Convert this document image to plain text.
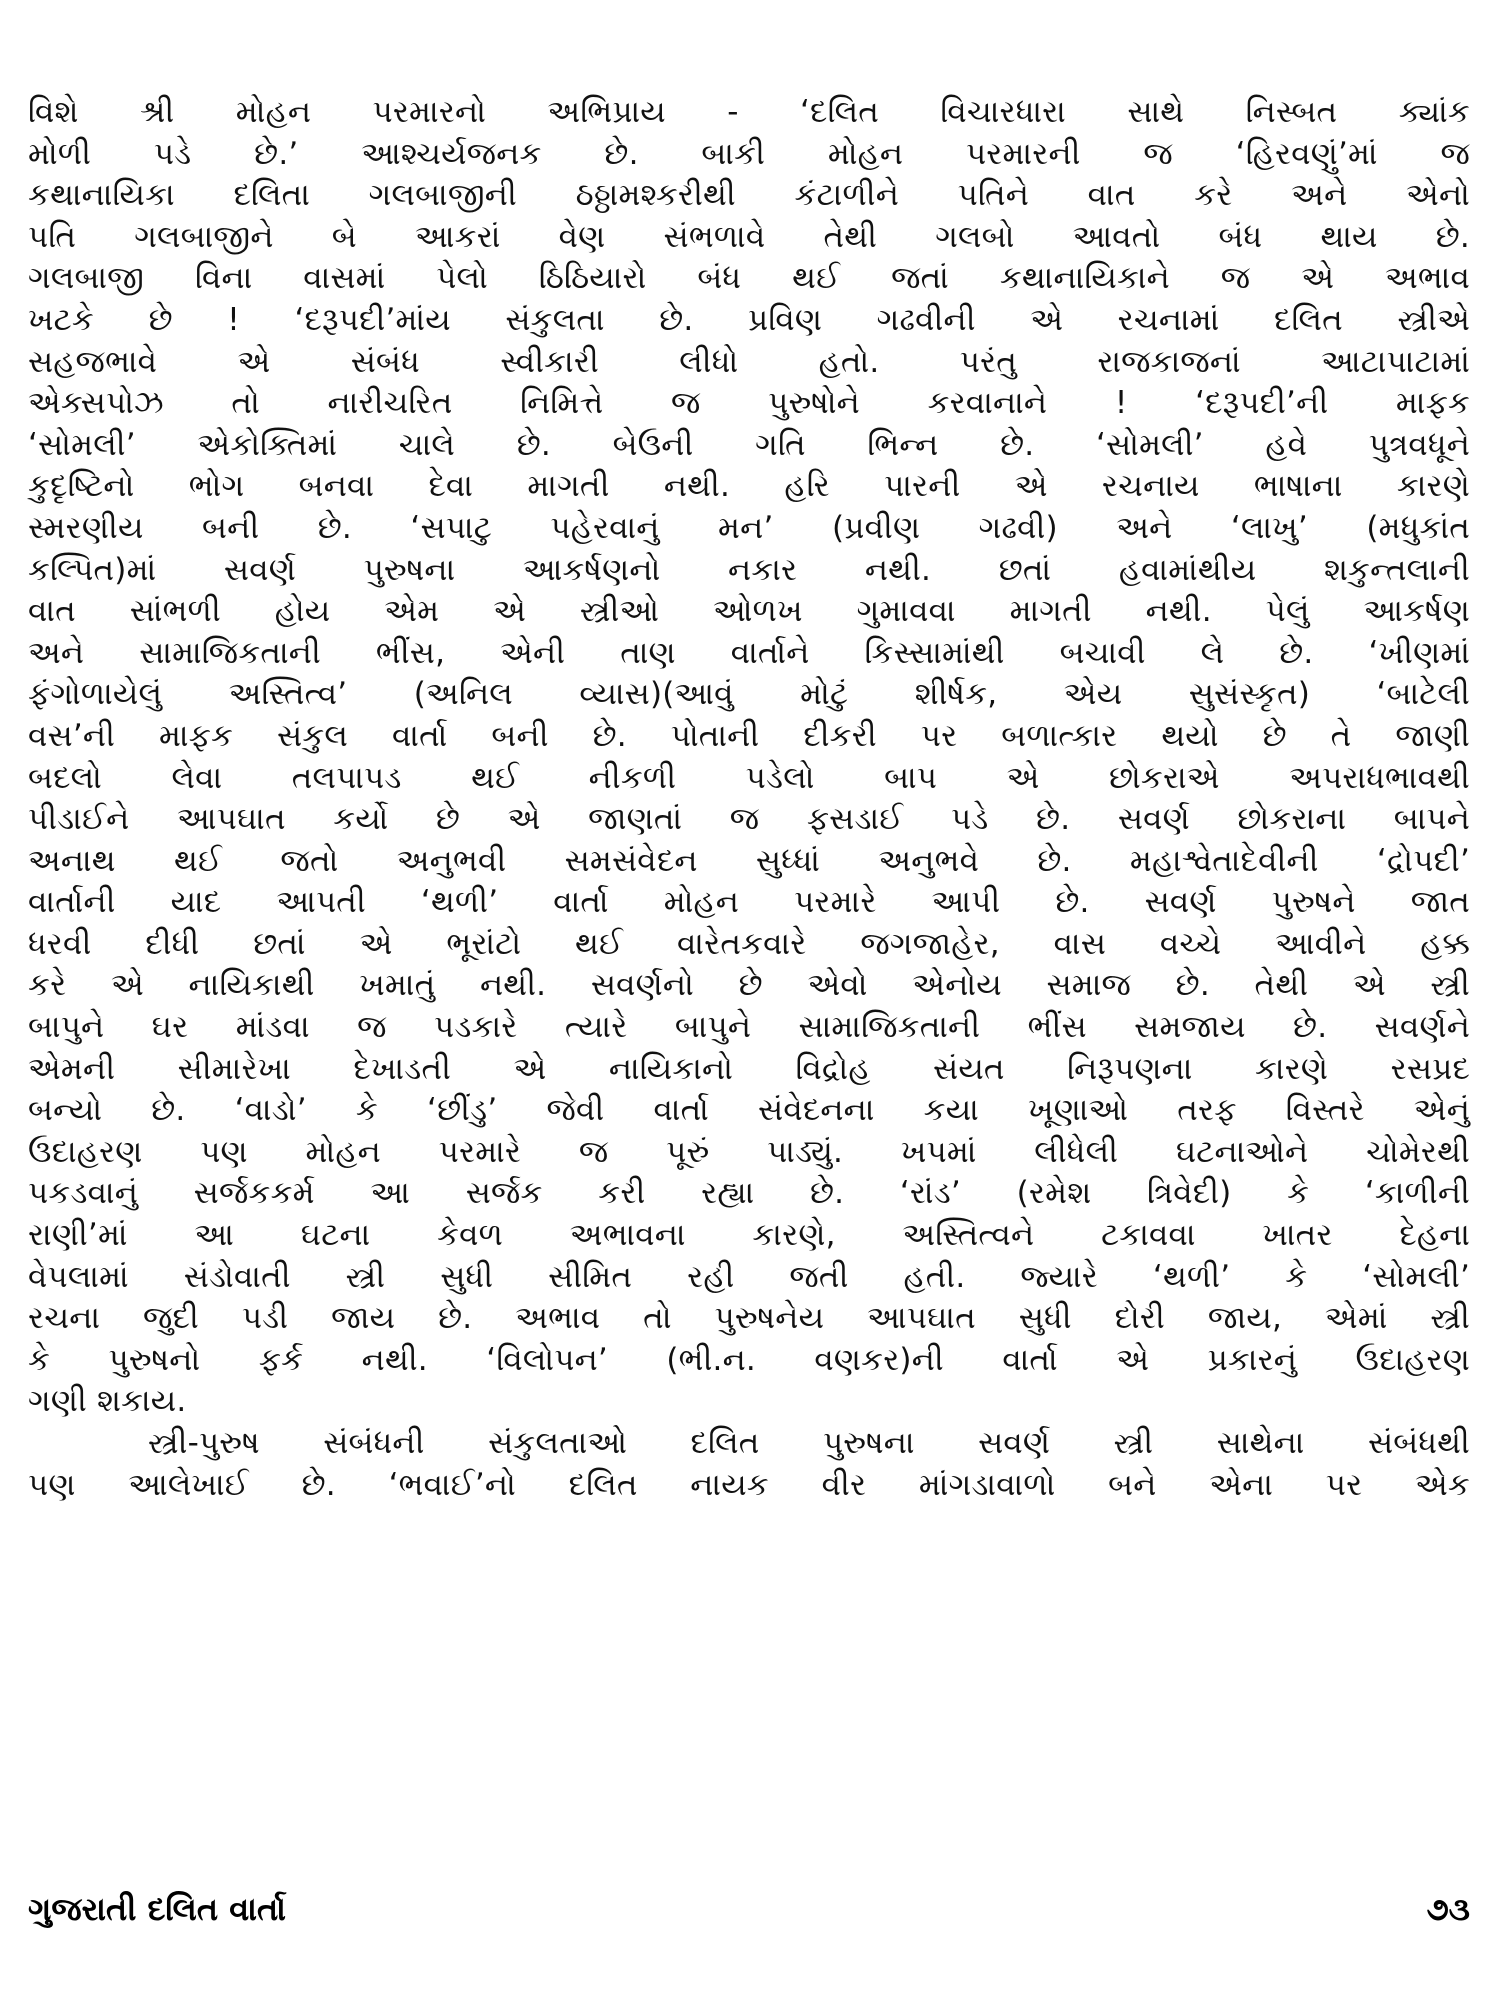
વિશે શ્રી મોહન પરમારનો અભિપ્રાય - ‘દલિત વિચારધારા સાથે નિસ્બત ક્યાંક
મોળી પડે છે.’ આશ્ચર્યજનક છે. બાકી મોહન પરમારની જ ‘હિરવણું’માં જ
કથાનાયિકા દલિતા ગલબાજીની ઠઠ્ઠામશ્કરીથી કંટાળીને પતિને વાત કરે અને એનો
પતિ ગલબાજીને બે આકરાં વેણ સંભળાવે તેથી ગલબો આવતો બંધ થાય છે.
ગલબાજી વિના વાસમાં પેલો ઠિઠિયારો બંધ થઈ જતાં કથાનાયિકાને જ એ અભાવ
ખટકે છે ! ‘દરૂપદી’માંય સંકુલતા છે. પ્રવિણ ગઢવીની એ રચનામાં દલિત સ્ત્રીએ
સહજભાવે એ સંબંધ સ્વીકારી લીધો હતો. પરંતુ રાજકાજનાં આટાપાટામાં
એક્સપોઝ તો નારીચરિત નિમિત્તે જ પુરુષોને કરવાનાને ! ‘દરૂપદી’ની માફક
‘સોમલી’ એકોક્તિમાં ચાલે છે. બેઉની ગતિ ભિન્ન છે. ‘સોમલી’ હવે પુત્રવધૂને
કુદૃષ્ટિનો ભોગ બનવા દેવા માગતી નથી. હરિ પારની એ રચનાય ભાષાના કારણે
સ્મરણીય બની છે. ‘સપાટુ પહેરવાનું મન’ (પ્રવીણ ગઢવી) અને ‘લાખુ’ (મધુકાંત
કલ્પિત)માં સવર્ણ પુરુષના આકર્ષણનો નકાર નથી. છતાં હવામાંથીય શકુન્તલાની
વાત સાંભળી હોય એમ એ સ્ત્રીઓ ઓળખ ગુમાવવા માગતી નથી. પેલું આકર્ષણ
અને સામાજિકતાની ભીંસ, એની તાણ વાર્તાને કિસ્સામાંથી બચાવી લે છે. ‘ખીણમાં
ફંગોળાયેલું અસ્તિત્વ’ (અનિલ વ્યાસ)(આવું મોટું શીર્ષક, એય સુસંસ્કૃત) ‘બાટેલી
વસ’ની માફક સંકુલ વાર્તા બની છે. પોતાની દીકરી પર બળાત્કાર થયો છે તે જાણી
બદલો લેવા તલપાપડ થઈ નીકળી પડેલો બાપ એ છોકરાએ અપરાધભાવથી
પીડાઈને આપઘાત કર્યો છે એ જાણતાં જ ફસડાઈ પડે છે. સવર્ણ છોકરાના બાપને
અનાથ થઈ જતો અનુભવી સમસંવેદન સુધ્ધાં અનુભવે છે. મહાશ્વેતાદેવીની ‘દ્રોપદી’
વાર્તાની યાદ આપતી ‘થળી’ વાર્તા મોહન પરમારે આપી છે. સવર્ણ પુરુષને જાત
ધરવી દીધી છતાં એ ભૂરાંટો થઈ વારેતકવારે જગજાહેર, વાસ વચ્ચે આવીને હક્ક
કરે એ નાયિકાથી ખમાતું નથી. સવર્ણનો છે એવો એનોય સમાજ છે. તેથી એ સ્ત્રી
બાપુને ઘર માંડવા જ પડકારે ત્યારે બાપુને સામાજિકતાની ભીંસ સમજાય છે. સવર્ણને
એમની સીમારેખા દેખાડતી એ નાયિકાનો વિદ્રોહ સંયત નિરૂપણના કારણે રસપ્રદ
બન્યો છે. ‘વાડો’ કે ‘છીંડુ’ જેવી વાર્તા સંવેદનના કયા ખૂણાઓ તરફ વિસ્તરે એનું
ઉદાહરણ પણ મોહન પરમારે જ પૂરું પાડ્યું. ખપમાં લીધેલી ઘટનાઓને ચોમેરથી
પકડવાનું સર્જકકર્મ આ સર્જક કરી રહ્યા છે. ‘રાંડ’ (રમેશ ત્રિવેદી) કે ‘કાળીની
રાણી’માં આ ઘટના કેવળ અભાવના કારણે, અસ્તિત્વને ટકાવવા ખાતર દેહના
વેપલામાં સંડોવાતી સ્ત્રી સુધી સીમિત રહી જતી હતી. જ્યારે ‘થળી’ કે ‘સોમલી’
રચના જુદી પડી જાય છે. અભાવ તો પુરુષનેય આપઘાત સુધી દોરી જાય, એમાં સ્ત્રી
કે પુરુષનો ફર્ક નથી. ‘વિલોપન’ (ભી.ન. વણકર)ની વાર્તા એ પ્રકારનું ઉદાહરણ
ગણી શકાય.
સ્ત્રી-પુરુષ સંબંધની સંકુલતાઓ દલિત પુરુષના સવર્ણ સ્ત્રી સાથેના સંબંધથી
પણ આલેખાઈ છે. ‘ભવાઈ’નો દલિત નાયક વીર માંગડાવાળો બને એના પર એક
ગુજરાતી દલિત વાર્તા	૭૩
